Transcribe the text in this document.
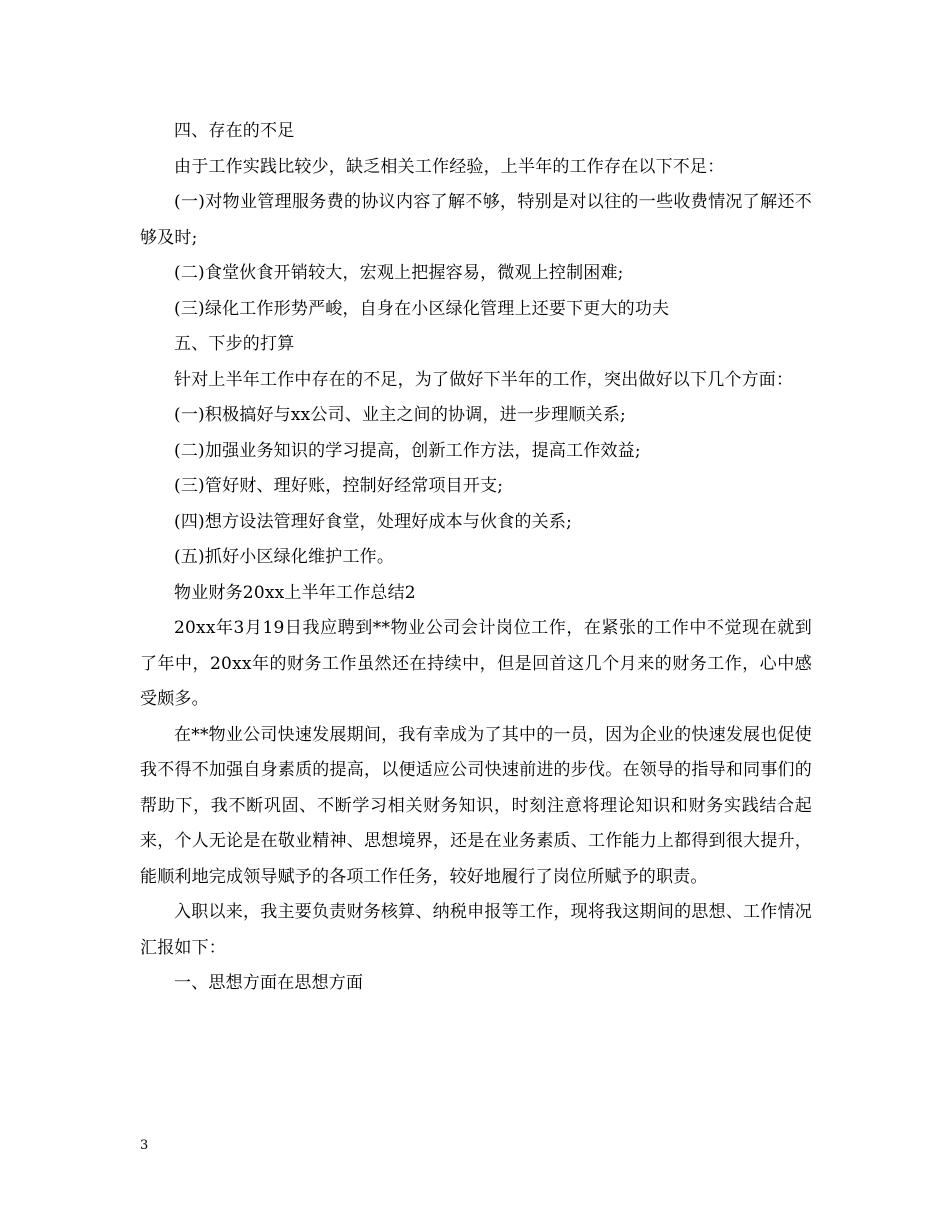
四、存在的不足

由于工作实践比较少，缺乏相关工作经验，上半年的工作存在以下不足：

(一)对物业管理服务费的协议内容了解不够，特别是对以往的一些收费情况了解还不够及时;

(二)食堂伙食开销较大，宏观上把握容易，微观上控制困难;

(三)绿化工作形势严峻，自身在小区绿化管理上还要下更大的功夫

五、下步的打算

针对上半年工作中存在的不足，为了做好下半年的工作，突出做好以下几个方面：

(一)积极搞好与xx公司、业主之间的协调，进一步理顺关系;

(二)加强业务知识的学习提高，创新工作方法，提高工作效益;

(三)管好财、理好账，控制好经常项目开支;

(四)想方设法管理好食堂，处理好成本与伙食的关系;

(五)抓好小区绿化维护工作。

物业财务20xx上半年工作总结2

20xx年3月19日我应聘到**物业公司会计岗位工作，在紧张的工作中不觉现在就到了年中，20xx年的财务工作虽然还在持续中，但是回首这几个月来的财务工作，心中感受颇多。

在**物业公司快速发展期间，我有幸成为了其中的一员，因为企业的快速发展也促使我不得不加强自身素质的提高，以便适应公司快速前进的步伐。在领导的指导和同事们的帮助下，我不断巩固、不断学习相关财务知识，时刻注意将理论知识和财务实践结合起来，个人无论是在敬业精神、思想境界，还是在业务素质、工作能力上都得到很大提升，能顺利地完成领导赋予的各项工作任务，较好地履行了岗位所赋予的职责。

入职以来，我主要负责财务核算、纳税申报等工作，现将我这期间的思想、工作情况汇报如下：

一、思想方面在思想方面

3
